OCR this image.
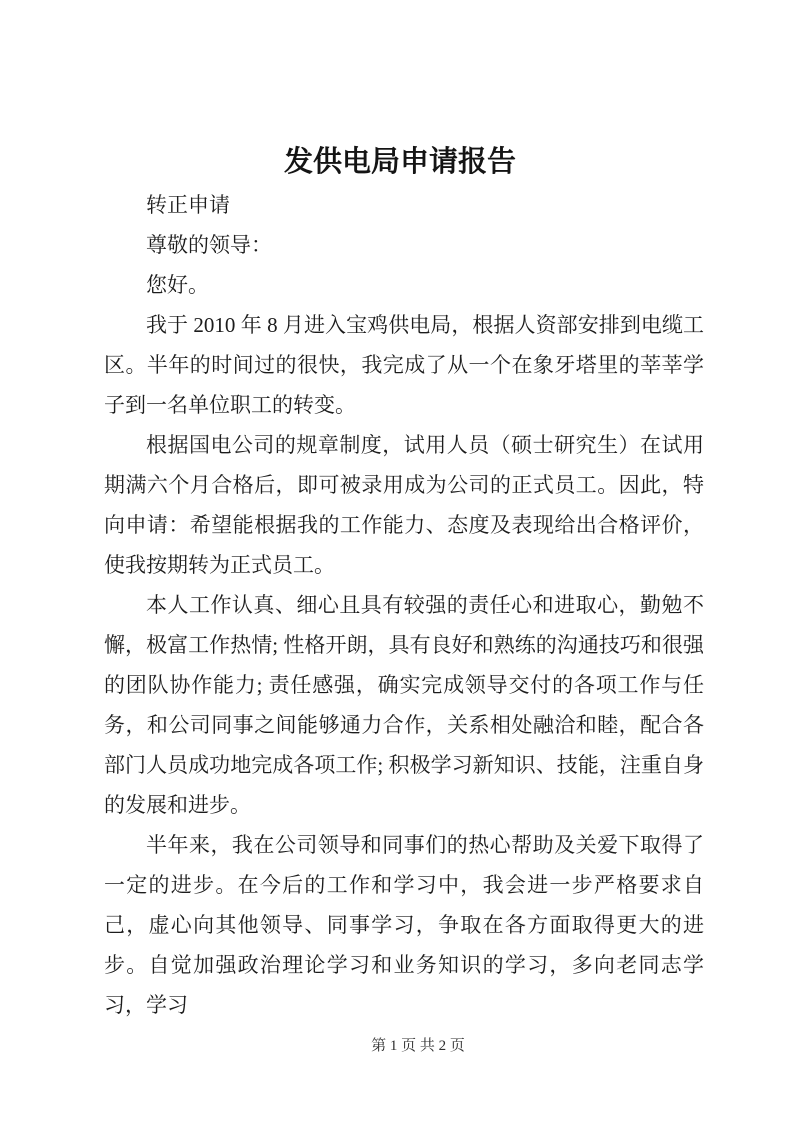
发供电局申请报告

转正申请

尊敬的领导：

您好。

我于 2010 年 8 月进入宝鸡供电局，根据人资部安排到电缆工区。半年的时间过的很快，我完成了从一个在象牙塔里的莘莘学子到一名单位职工的转变。

根据国电公司的规章制度，试用人员（硕士研究生）在试用期满六个月合格后，即可被录用成为公司的正式员工。因此，特向申请：希望能根据我的工作能力、态度及表现给出合格评价，使我按期转为正式员工。

本人工作认真、细心且具有较强的责任心和进取心，勤勉不懈，极富工作热情; 性格开朗，具有良好和熟练的沟通技巧和很强的团队协作能力; 责任感强，确实完成领导交付的各项工作与任务，和公司同事之间能够通力合作，关系相处融洽和睦，配合各部门人员成功地完成各项工作; 积极学习新知识、技能，注重自身的发展和进步。

半年来，我在公司领导和同事们的热心帮助及关爱下取得了一定的进步。在今后的工作和学习中，我会进一步严格要求自己，虚心向其他领导、同事学习，争取在各方面取得更大的进步。自觉加强政治理论学习和业务知识的学习，多向老同志学习，学习

第 1 页 共 2 页
